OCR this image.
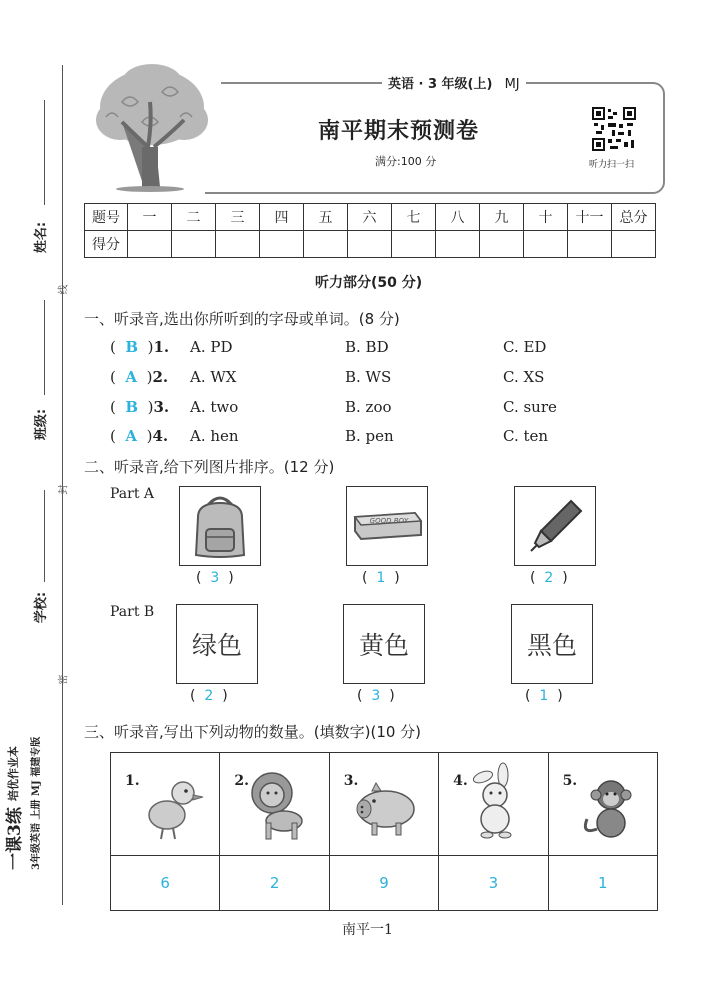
姓名:
线
班级:
封
学校:
密
一课3练
培优作业本	3年级英语 上册 MJ 福建专版
英语 · 3 年级(上) MJ
南平期末预测卷
满分:100 分	听力扫一扫
题号	一	二	三	四	五	六	七	八	九	十	十一	总分
得分												
听力部分(50 分)
一、听录音,选出你所听到的字母或单词。(8 分)
( B )1. A. PD	B. BD	C. ED
( A )2. A. WX	B. WS	C. XS
( B )3. A. two	B. zoo	C. sure
( A )4. A. hen	B. pen	C. ten
二、听录音,给下列图片排序。(12 分)
Part A
(  3  )
GOOD BOY
(  1  )	(  2  )
Part B
绿色
(  2  )
黄色
(  3  )
黑色
(  1  )
三、听录音,写出下列动物的数量。(填数字)(10 分)
1.	2.	3.	4.	5.

6	2	9	3	1
南平一1
